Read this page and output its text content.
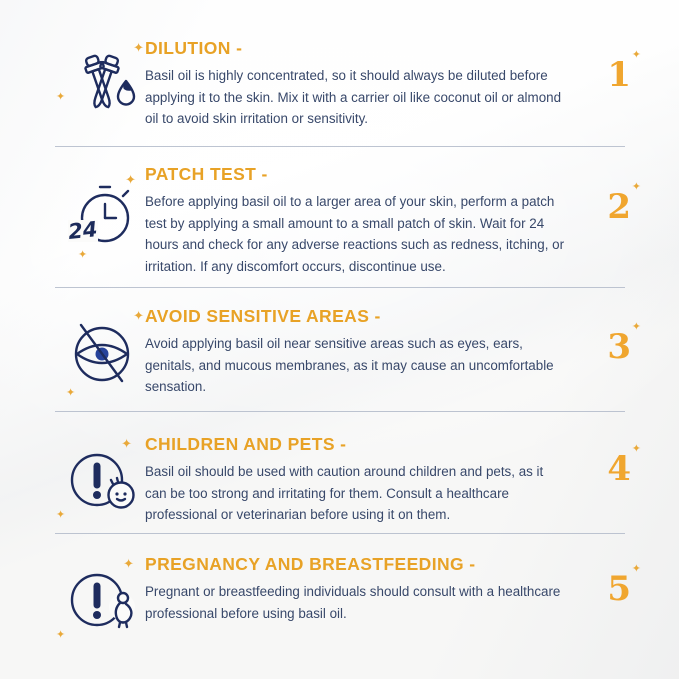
✦
✦
DILUTION -

Basil oil is highly concentrated, so it should always be diluted before applying it to the skin. Mix it with a carrier oil like coconut oil or almond oil to avoid skin irritation or sensitivity.

1
✦
24
✦
✦
PATCH TEST -

Before applying basil oil to a larger area of your skin, perform a patch test by applying a small amount to a small patch of skin. Wait for 24 hours and check for any adverse reactions such as redness, itching, or irritation. If any discomfort occurs, discontinue use.

2
✦
✦
✦
AVOID SENSITIVE AREAS -

Avoid applying basil oil near sensitive areas such as eyes, ears, genitals, and mucous membranes, as it may cause an uncomfortable sensation.

3
✦
✦
✦
CHILDREN AND PETS -

Basil oil should be used with caution around children and pets, as it can be too strong and irritating for them. Consult a healthcare professional or veterinarian before using it on them.

4
✦
✦
✦
PREGNANCY AND BREASTFEEDING -

Pregnant or breastfeeding individuals should consult with a healthcare professional before using basil oil.

5
✦
